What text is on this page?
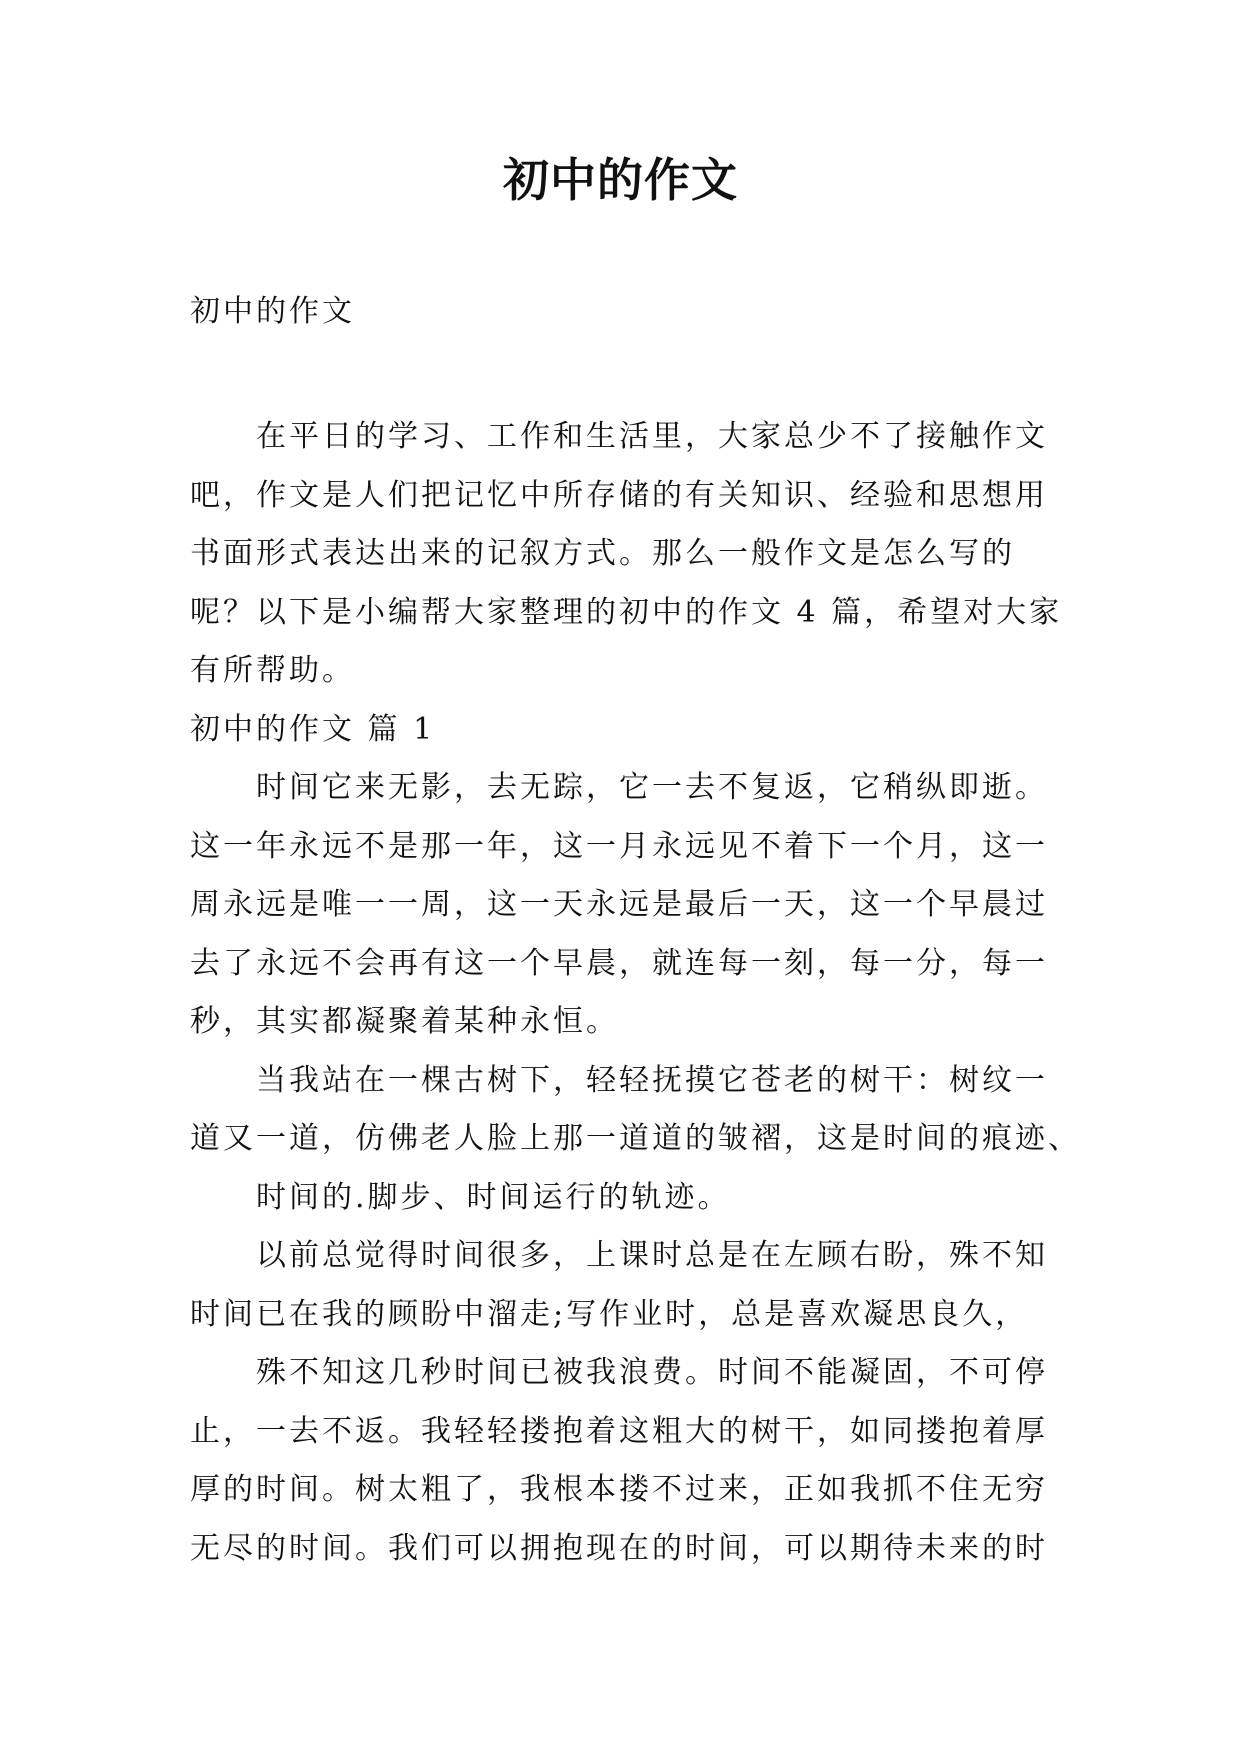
初中的作文
初中的作文
在平日的学习、工作和生活里，大家总少不了接触作文
吧，作文是人们把记忆中所存储的有关知识、经验和思想用
书面形式表达出来的记叙方式。那么一般作文是怎么写的
呢？以下是小编帮大家整理的初中的作文 4 篇，希望对大家
有所帮助。
初中的作文 篇 1
时间它来无影，去无踪，它一去不复返，它稍纵即逝。
这一年永远不是那一年，这一月永远见不着下一个月，这一
周永远是唯一一周，这一天永远是最后一天，这一个早晨过
去了永远不会再有这一个早晨，就连每一刻，每一分，每一
秒，其实都凝聚着某种永恒。
当我站在一棵古树下，轻轻抚摸它苍老的树干：树纹一
道又一道，仿佛老人脸上那一道道的皱褶，这是时间的痕迹、
时间的.脚步、时间运行的轨迹。
以前总觉得时间很多，上课时总是在左顾右盼，殊不知
时间已在我的顾盼中溜走;写作业时，总是喜欢凝思良久，
殊不知这几秒时间已被我浪费。时间不能凝固，不可停
止，一去不返。我轻轻搂抱着这粗大的树干，如同搂抱着厚
厚的时间。树太粗了，我根本搂不过来，正如我抓不住无穷
无尽的时间。我们可以拥抱现在的时间，可以期待未来的时
